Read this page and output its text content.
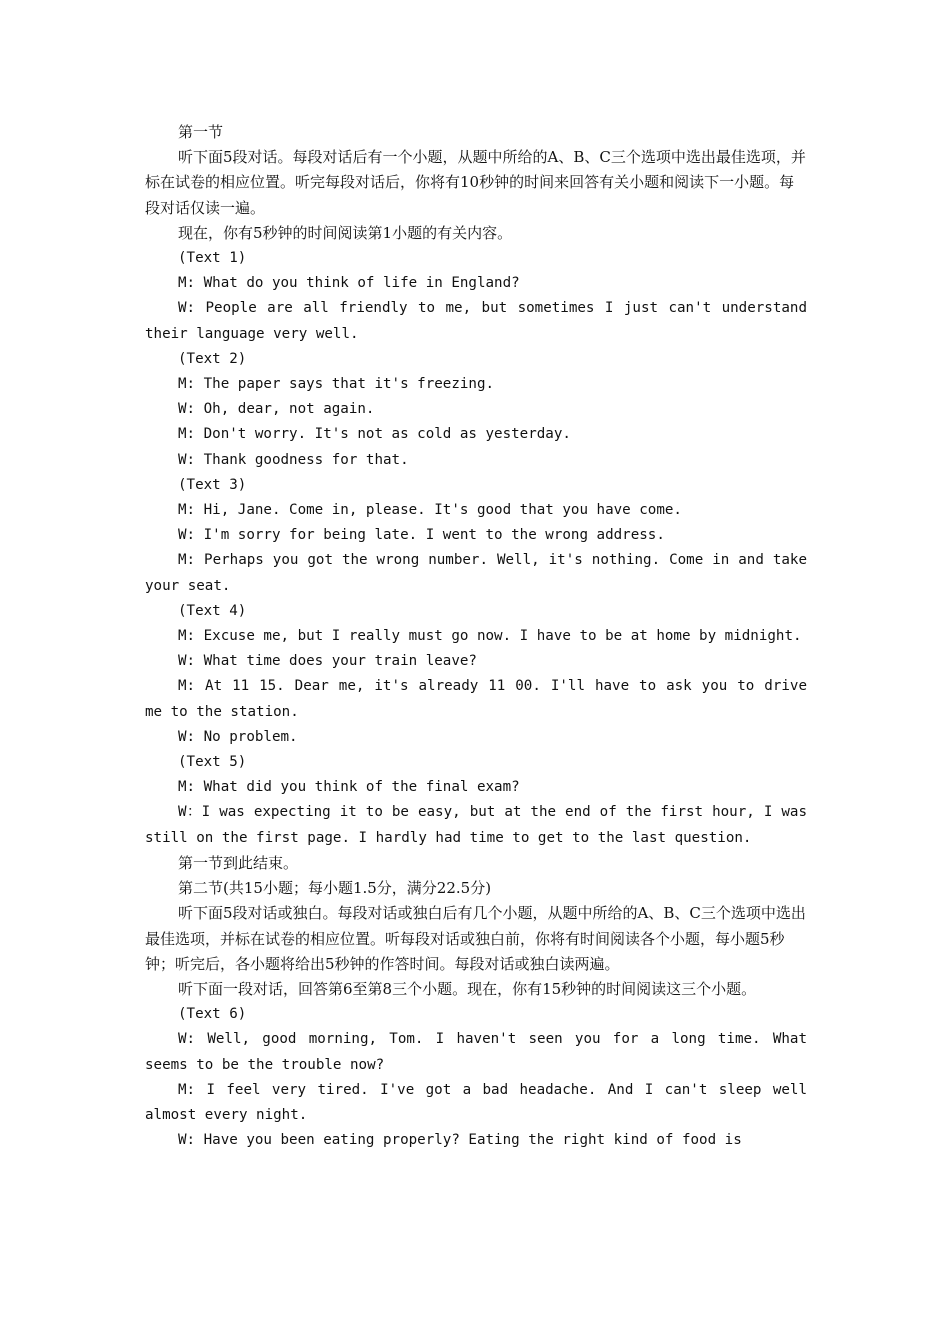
第一节

听下面5段对话。每段对话后有一个小题，从题中所给的A、B、C三个选项中选出最佳选项，并标在试卷的相应位置。听完每段对话后，你将有10秒钟的时间来回答有关小题和阅读下一小题。每段对话仅读一遍。

现在，你有5秒钟的时间阅读第1小题的有关内容。

(Text 1)

M: What do you think of life in England?

W: People are all friendly to me, but sometimes I just can't understand their language very well.

(Text 2)

M: The paper says that it's freezing.

W: Oh, dear, not again.

M: Don't worry. It's not as cold as yesterday.

W: Thank goodness for that.

(Text 3)

M: Hi, Jane. Come in, please. It's good that you have come.

W: I'm sorry for being late. I went to the wrong address.

M: Perhaps you got the wrong number. Well, it's nothing. Come in and take your seat.

(Text 4)

M: Excuse me, but I really must go now. I have to be at home by midnight.

W: What time does your train leave?

M: At 11 15. Dear me, it's already 11 00. I'll have to ask you to drive me to the station.

W: No problem.

(Text 5)

M: What did you think of the final exam?

W：I was expecting it to be easy, but at the end of the first hour, I was still on the first page. I hardly had time to get to the last question.

第一节到此结束。

第二节(共15小题；每小题1.5分，满分22.5分)

听下面5段对话或独白。每段对话或独白后有几个小题，从题中所给的A、B、C三个选项中选出最佳选项，并标在试卷的相应位置。听每段对话或独白前，你将有时间阅读各个小题，每小题5秒钟；听完后，各小题将给出5秒钟的作答时间。每段对话或独白读两遍。

听下面一段对话，回答第6至第8三个小题。现在，你有15秒钟的时间阅读这三个小题。

(Text 6)

W: Well, good morning, Tom. I haven't seen you for a long time. What seems to be the trouble now?

M: I feel very tired. I've got a bad headache. And I can't sleep well almost every night.

W: Have you been eating properly? Eating the right kind of food is
